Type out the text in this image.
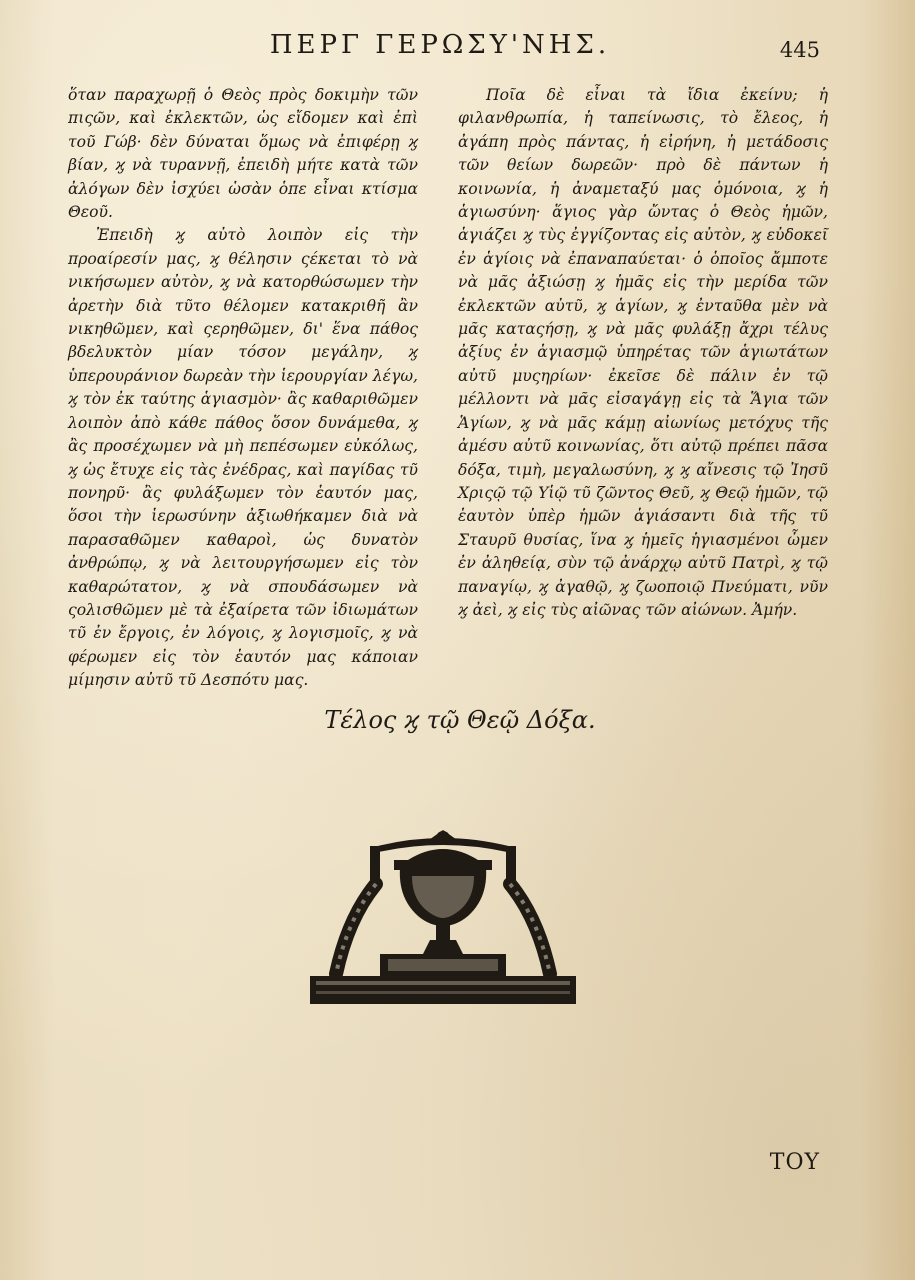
ΠΕΡΓ ΓΕΡΩΣΥ'ΝΗΣ.	445

ὅταν παραχωρῇ ὁ Θεὸς πρὸς δοκιμὴν τῶν πιςῶν, καὶ ἐκλεκτῶν, ὡς εἴδομεν καὶ ἐπὶ τοῦ Γώβ· δὲν δύναται ὅμως νὰ ἐπιφέρῃ ϗ βίαν, ϗ νὰ τυραννῇ, ἐπειδὴ μήτε κατὰ τῶν ἀλόγων δὲν ἰσχύει ὡσὰν ὁπε εἶναι κτίσμα Θεοῦ.

Ἐπειδὴ ϗ αὐτὸ λοιπὸν εἰς τὴν προαίρεσίν μας, ϗ θέλησιν ςέκεται τὸ νὰ νικήσωμεν αὐτὸν, ϗ νὰ κατορθώσωμεν τὴν ἀρετὴν διὰ τῦτο θέλομεν κατακριθῆ ἂν νικηθῶμεν, καὶ ςερηθῶμεν, δι' ἕνα πάθος βδελυκτὸν μίαν τόσον μεγάλην, ϗ ὑπερουράνιον δωρεὰν τὴν ἱερουργίαν λέγω, ϗ τὸν ἐκ ταύτης ἁγιασμὸν· ἂς καθαριθῶμεν λοιπὸν ἀπὸ κάθε πάθος ὅσον δυνάμεθα, ϗ ἂς προσέχωμεν νὰ μὴ πεπέσωμεν εὐκόλως, ϗ ὡς ἔτυχε εἰς τὰς ἐνέδρας, καὶ παγίδας τῦ πονηρῦ· ἂς φυλάξωμεν τὸν ἑαυτόν μας, ὅσοι τὴν ἱερωσύνην ἀξιωθήκαμεν διὰ νὰ παρασαθῶμεν καθαροὶ, ὡς δυνατὸν ἀνθρώπῳ, ϗ νὰ λειτουργήσωμεν εἰς τὸν καθαρώτατον, ϗ νὰ σπουδάσωμεν νὰ ςολισθῶμεν μὲ τὰ ἐξαίρετα τῶν ἰδιωμάτων τῦ ἐν ἔργοις, ἐν λόγοις, ϗ λογισμοῖς, ϗ νὰ φέρωμεν εἰς τὸν ἑαυτόν μας κάποιαν μίμησιν αὐτῦ τῦ Δεσπότυ μας.

Ποῖα δὲ εἶναι τὰ ἴδια ἐκείνυ; ἡ φιλανθρωπία, ἡ ταπείνωσις, τὸ ἔλεος, ἡ ἀγάπη πρὸς πάντας, ἡ εἰρήνη, ἡ μετάδοσις τῶν θείων δωρεῶν· πρὸ δὲ πάντων ἡ κοινωνία, ἡ ἀναμεταξύ μας ὁμόνοια, ϗ ἡ ἁγιωσύνη· ἅγιος γὰρ ὤντας ὁ Θεὸς ἡμῶν, ἁγιάζει ϗ τὺς ἐγγίζοντας εἰς αὐτὸν, ϗ εὐδοκεῖ ἐν ἁγίοις νὰ ἐπαναπαύεται· ὁ ὁποῖος ἄμποτε νὰ μᾶς ἀξιώσῃ ϗ ἡμᾶς εἰς τὴν μερίδα τῶν ἐκλεκτῶν αὐτῦ, ϗ ἁγίων, ϗ ἐνταῦθα μὲν νὰ μᾶς καταςήσῃ, ϗ νὰ μᾶς φυλάξῃ ἄχρι τέλυς ἀξίυς ἐν ἁγιασμῷ ὑπηρέτας τῶν ἁγιωτάτων αὐτῦ μυςηρίων· ἐκεῖσε δὲ πάλιν ἐν τῷ μέλλοντι νὰ μᾶς εἰσαγάγῃ εἰς τὰ Ἅγια τῶν Ἁγίων, ϗ νὰ μᾶς κάμῃ αἰωνίως μετόχυς τῆς ἀμέσυ αὐτῦ κοινωνίας, ὅτι αὐτῷ πρέπει πᾶσα δόξα, τιμὴ, μεγαλωσύνη, ϗ ϗ αἴνεσις τῷ Ἰησῦ Χριςῷ τῷ Υἱῷ τῦ ζῶντος Θεῦ, ϗ Θεῷ ἡμῶν, τῷ ἑαυτὸν ὑπὲρ ἡμῶν ἁγιάσαντι διὰ τῆς τῦ Σταυρῦ θυσίας, ἵνα ϗ ἡμεῖς ἡγιασμένοι ὦμεν ἐν ἀληθείᾳ, σὺν τῷ ἀνάρχῳ αὐτῦ Πατρὶ, ϗ τῷ παναγίῳ, ϗ ἀγαθῷ, ϗ ζωοποιῷ Πνεύματι, νῦν ϗ ἀεὶ, ϗ εἰς τὺς αἰῶνας τῶν αἰώνων. Ἀμήν.

Τέλος ϗ τῷ Θεῷ Δόξα.
ΤΟΥ
